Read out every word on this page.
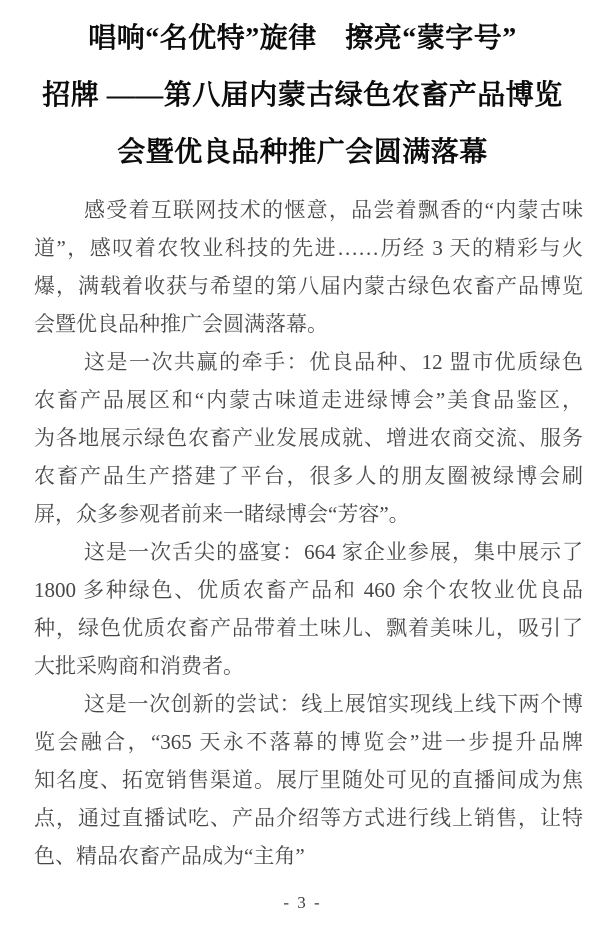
唱响“名优特”旋律　擦亮“蒙字号”
招牌 ——第八届内蒙古绿色农畜产品博览
会暨优良品种推广会圆满落幕
感受着互联网技术的惬意，品尝着飘香的“内蒙古味
道”，感叹着农牧业科技的先进……历经 3 天的精彩与火
爆，满载着收获与希望的第八届内蒙古绿色农畜产品博览
会暨优良品种推广会圆满落幕。
这是一次共赢的牵手：优良品种、12 盟市优质绿色
农畜产品展区和“内蒙古味道走进绿博会”美食品鉴区，
为各地展示绿色农畜产业发展成就、增进农商交流、服务
农畜产品生产搭建了平台，很多人的朋友圈被绿博会刷
屏，众多参观者前来一睹绿博会“芳容”。
这是一次舌尖的盛宴：664 家企业参展，集中展示了
1800 多种绿色、优质农畜产品和 460 余个农牧业优良品
种，绿色优质农畜产品带着土味儿、飘着美味儿，吸引了
大批采购商和消费者。
这是一次创新的尝试：线上展馆实现线上线下两个博
览会融合，“365 天永不落幕的博览会”进一步提升品牌
知名度、拓宽销售渠道。展厅里随处可见的直播间成为焦
点，通过直播试吃、产品介绍等方式进行线上销售，让特
色、精品农畜产品成为“主角”
- 3 -
